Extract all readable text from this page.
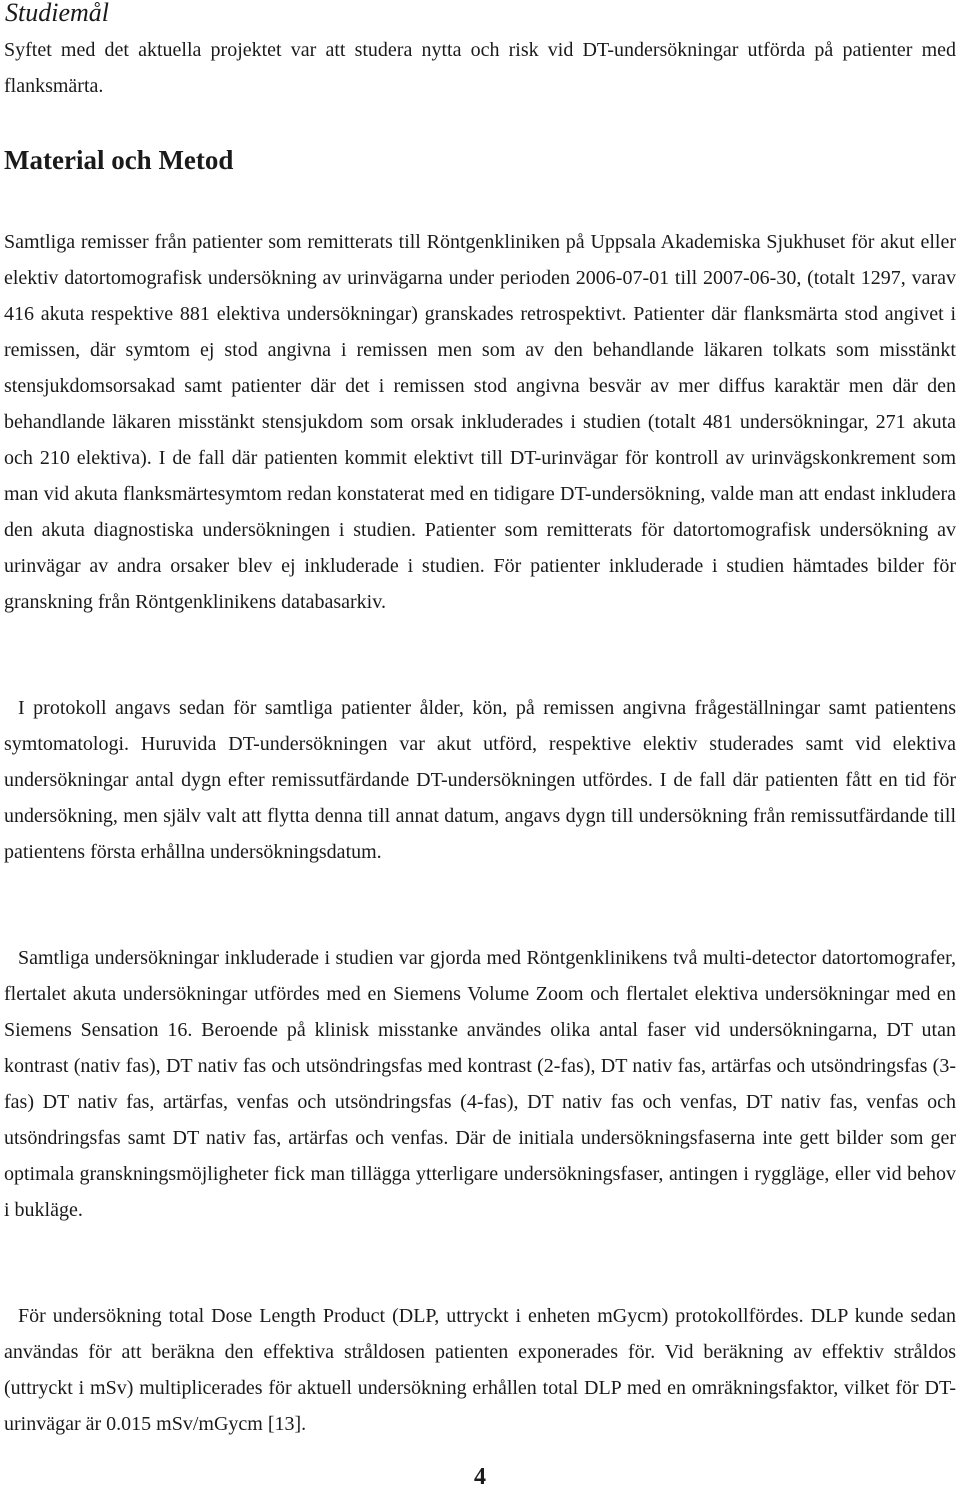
Studiemål

Syftet med det aktuella projektet var att studera nytta och risk vid DT-undersökningar utförda på patienter med flanksmärta.

Material och Metod

Samtliga remisser från patienter som remitterats till Röntgenkliniken på Uppsala Akademiska Sjukhuset för akut eller elektiv datortomografisk undersökning av urinvägarna under perioden 2006-07-01 till 2007-06-30, (totalt 1297, varav 416 akuta respektive 881 elektiva undersökningar) granskades retrospektivt. Patienter där flanksmärta stod angivet i remissen, där symtom ej stod angivna i remissen men som av den behandlande läkaren tolkats som misstänkt stensjukdomsorsakad samt patienter där det i remissen stod angivna besvär av mer diffus karaktär men där den behandlande läkaren misstänkt stensjukdom som orsak inkluderades i studien (totalt 481 undersökningar, 271 akuta och 210 elektiva). I de fall där patienten kommit elektivt till DT-urinvägar för kontroll av urinvägskonkrement som man vid akuta flanksmärtesymtom redan konstaterat med en tidigare DT-undersökning, valde man att endast inkludera den akuta diagnostiska undersökningen i studien. Patienter som remitterats för datortomografisk undersökning av urinvägar av andra orsaker blev ej inkluderade i studien. För patienter inkluderade i studien hämtades bilder för granskning från Röntgenklinikens databasarkiv.

I protokoll angavs sedan för samtliga patienter ålder, kön, på remissen angivna frågeställningar samt patientens symtomatologi. Huruvida DT-undersökningen var akut utförd, respektive elektiv studerades samt vid elektiva undersökningar antal dygn efter remissutfärdande DT-undersökningen utfördes. I de fall där patienten fått en tid för undersökning, men själv valt att flytta denna till annat datum, angavs dygn till undersökning från remissutfärdande till patientens första erhållna undersökningsdatum.

Samtliga undersökningar inkluderade i studien var gjorda med Röntgenklinikens två multi-detector datortomografer, flertalet akuta undersökningar utfördes med en Siemens Volume Zoom och flertalet elektiva undersökningar med en Siemens Sensation 16. Beroende på klinisk misstanke användes olika antal faser vid undersökningarna, DT utan kontrast (nativ fas), DT nativ fas och utsöndringsfas med kontrast (2-fas), DT nativ fas, artärfas och utsöndringsfas (3-fas) DT nativ fas, artärfas, venfas och utsöndringsfas (4-fas), DT nativ fas och venfas, DT nativ fas, venfas och utsöndringsfas samt DT nativ fas, artärfas och venfas. Där de initiala undersökningsfaserna inte gett bilder som ger optimala granskningsmöjligheter fick man tillägga ytterligare undersökningsfaser, antingen i ryggläge, eller vid behov i bukläge.

För undersökning total Dose Length Product (DLP, uttryckt i enheten mGycm) protokollfördes. DLP kunde sedan användas för att beräkna den effektiva stråldosen patienten exponerades för. Vid beräkning av effektiv stråldos (uttryckt i mSv) multiplicerades för aktuell undersökning erhållen total DLP med en omräkningsfaktor, vilket för DT-urinvägar är 0.015 mSv/mGycm [13].

4
